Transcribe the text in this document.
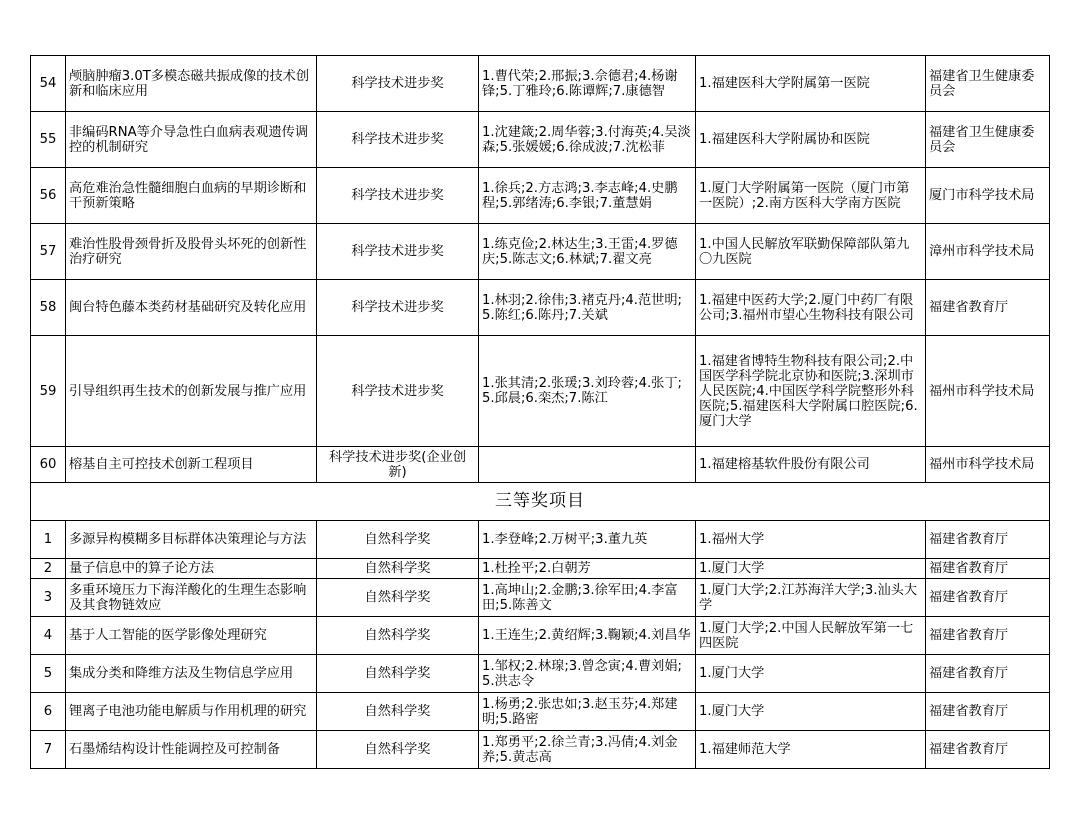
54	颅脑肿瘤3.0T多模态磁共振成像的技术创新和临床应用	科学技术进步奖	1.曹代荣;2.邢振;3.佘德君;4.杨谢锋;5.丁雅玲;6.陈谭辉;7.康德智	1.福建医科大学附属第一医院	福建省卫生健康委员会
55	非编码RNA等介导急性白血病表观遗传调控的机制研究	科学技术进步奖	1.沈建箴;2.周华蓉;3.付海英;4.吴淡森;5.张媛媛;6.徐成波;7.沈松菲	1.福建医科大学附属协和医院	福建省卫生健康委员会
56	高危难治急性髓细胞白血病的早期诊断和干预新策略	科学技术进步奖	1.徐兵;2.方志鸿;3.李志峰;4.史鹏程;5.郭绪涛;6.李银;7.董慧娟	1.厦门大学附属第一医院（厦门市第一医院）;2.南方医科大学南方医院	厦门市科学技术局
57	难治性股骨颈骨折及股骨头坏死的创新性治疗研究	科学技术进步奖	1.练克俭;2.林达生;3.王雷;4.罗德庆;5.陈志文;6.林斌;7.翟文亮	1.中国人民解放军联勤保障部队第九〇九医院	漳州市科学技术局
58	闽台特色藤本类药材基础研究及转化应用	科学技术进步奖	1.林羽;2.徐伟;3.褚克丹;4.范世明;5.陈红;6.陈丹;7.关斌	1.福建中医药大学;2.厦门中药厂有限公司;3.福州市望心生物科技有限公司	福建省教育厅
59	引导组织再生技术的创新发展与推广应用	科学技术进步奖	1.张其清;2.张瑗;3.刘玲蓉;4.张丁;5.邱晨;6.栾杰;7.陈江	1.福建省博特生物科技有限公司;2.中国医学科学院北京协和医院;3.深圳市人民医院;4.中国医学科学院整形外科医院;5.福建医科大学附属口腔医院;6.厦门大学	福州市科学技术局
60	榕基自主可控技术创新工程项目	科学技术进步奖(企业创新)		1.福建榕基软件股份有限公司	福州市科学技术局
三等奖项目					
1	多源异构模糊多目标群体决策理论与方法	自然科学奖	1.李登峰;2.万树平;3.董九英	1.福州大学	福建省教育厅
2	量子信息中的算子论方法	自然科学奖	1.杜拴平;2.白朝芳	1.厦门大学	福建省教育厅
3	多重环境压力下海洋酸化的生理生态影响及其食物链效应	自然科学奖	1.高坤山;2.金鹏;3.徐军田;4.李富田;5.陈善文	1.厦门大学;2.江苏海洋大学;3.汕头大学	福建省教育厅
4	基于人工智能的医学影像处理研究	自然科学奖	1.王连生;2.黄绍辉;3.鞠颖;4.刘昌华	1.厦门大学;2.中国人民解放军第一七四医院	福建省教育厅
5	集成分类和降维方法及生物信息学应用	自然科学奖	1.邹权;2.林瑔;3.曾念寅;4.曹刘娟;5.洪志令	1.厦门大学	福建省教育厅
6	锂离子电池功能电解质与作用机理的研究	自然科学奖	1.杨勇;2.张忠如;3.赵玉芬;4.郑建明;5.路密	1.厦门大学	福建省教育厅
7	石墨烯结构设计性能调控及可控制备	自然科学奖	1.郑勇平;2.徐兰青;3.冯倩;4.刘金养;5.黄志高	1.福建师范大学	福建省教育厅
